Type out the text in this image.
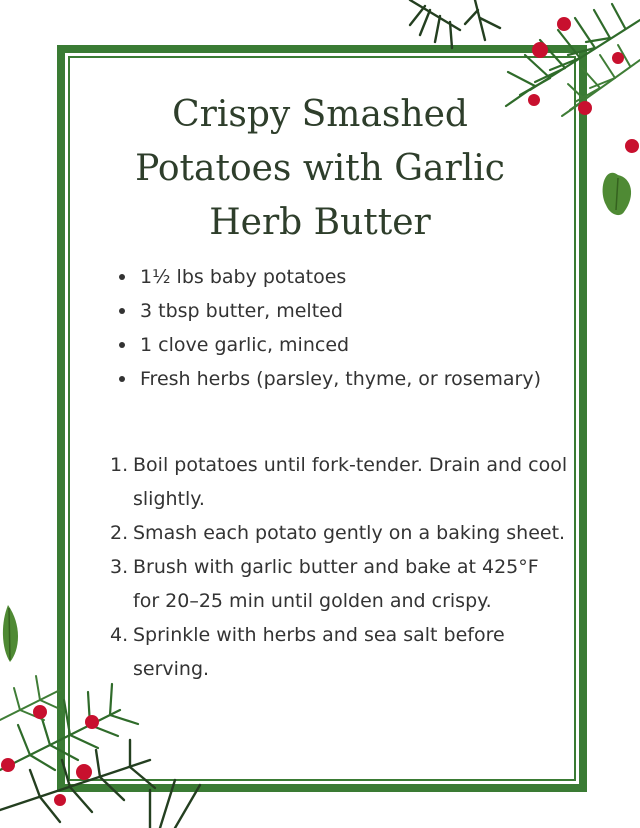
Crispy Smashed Potatoes with Garlic Herb Butter
1½ lbs baby potatoes
3 tbsp butter, melted
1 clove garlic, minced
Fresh herbs (parsley, thyme, or rosemary)
1. Boil potatoes until fork-tender. Drain and cool slightly.
2. Smash each potato gently on a baking sheet.
3. Brush with garlic butter and bake at 425°F for 20–25 min until golden and crispy.
4. Sprinkle with herbs and sea salt before serving.
